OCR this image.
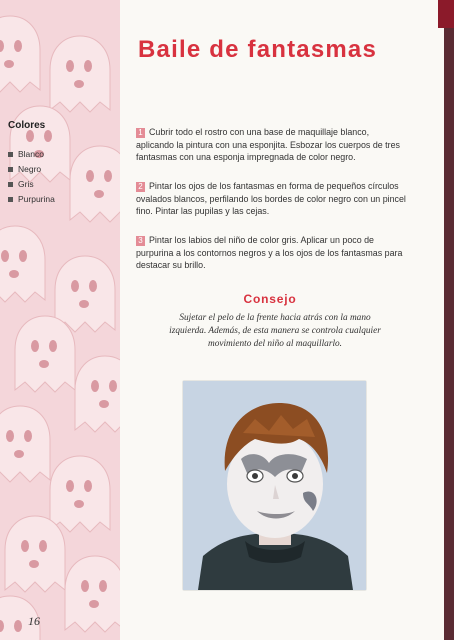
Colores
Blanco
Negro
Gris
Purpurina
16
Baile de fantasmas
1 Cubrir todo el rostro con una base de maquillaje blanco, aplicando la pintura con una esponjita. Esbozar los cuerpos de tres fantasmas con una esponja impregnada de color negro.
2 Pintar los ojos de los fantasmas en forma de pequeños círculos ovalados blancos, perfilando los bordes de color negro con un pincel fino. Pintar las pupilas y las cejas.
3 Pintar los labios del niño de color gris. Aplicar un poco de purpurina a los contornos negros y a los ojos de los fantasmas para destacar su brillo.
Consejo
Sujetar el pelo de la frente hacia atrás con la mano izquierda. Además, de esta manera se controla cualquier movimiento del niño al maquillarlo.
